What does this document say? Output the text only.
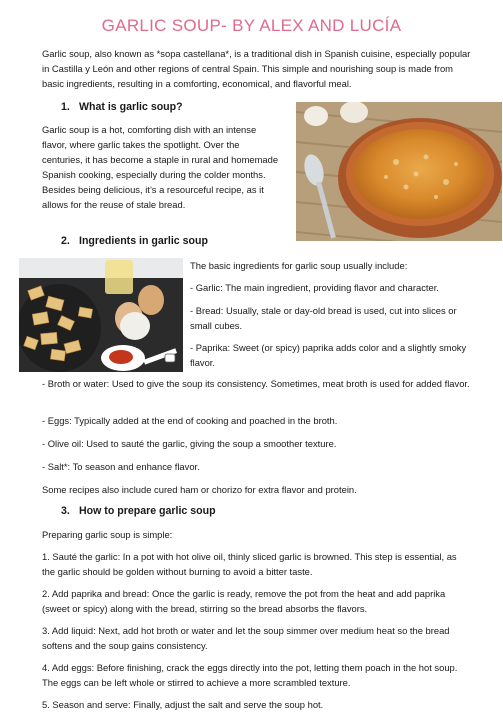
GARLIC SOUP- BY ALEX AND LUCÍA

Garlic soup, also known as *sopa castellana*, is a traditional dish in Spanish cuisine, especially popular in Castilla y León and other regions of central Spain. This simple and nourishing soup is made from basic ingredients, resulting in a comforting, economical, and flavorful meal.

1. What is garlic soup?

Garlic soup is a hot, comforting dish with an intense flavor, where garlic takes the spotlight. Over the centuries, it has become a staple in rural and homemade Spanish cooking, especially during the colder months. Besides being delicious, it’s a resourceful recipe, as it allows for the reuse of stale bread.

2. Ingredients in garlic soup

The basic ingredients for garlic soup usually include:

- Garlic: The main ingredient, providing flavor and character.

- Bread: Usually, stale or day-old bread is used, cut into slices or small cubes.

- Paprika: Sweet (or spicy) paprika adds color and a slightly smoky flavor.

- Broth or water: Used to give the soup its consistency. Sometimes, meat broth is used for added flavor.

- Eggs: Typically added at the end of cooking and poached in the broth.

- Olive oil: Used to sauté the garlic, giving the soup a smoother texture.

- Salt*: To season and enhance flavor.

Some recipes also include cured ham or chorizo for extra flavor and protein.

3. How to prepare garlic soup

Preparing garlic soup is simple:

1. Sauté the garlic: In a pot with hot olive oil, thinly sliced garlic is browned. This step is essential, as the garlic should be golden without burning to avoid a bitter taste.

2. Add paprika and bread: Once the garlic is ready, remove the pot from the heat and add paprika (sweet or spicy) along with the bread, stirring so the bread absorbs the flavors.

3. Add liquid: Next, add hot broth or water and let the soup simmer over medium heat so the bread softens and the soup gains consistency.

4. Add eggs: Before finishing, crack the eggs directly into the pot, letting them poach in the hot soup. The eggs can be left whole or stirred to achieve a more scrambled texture.

5. Season and serve: Finally, adjust the salt and serve the soup hot.
